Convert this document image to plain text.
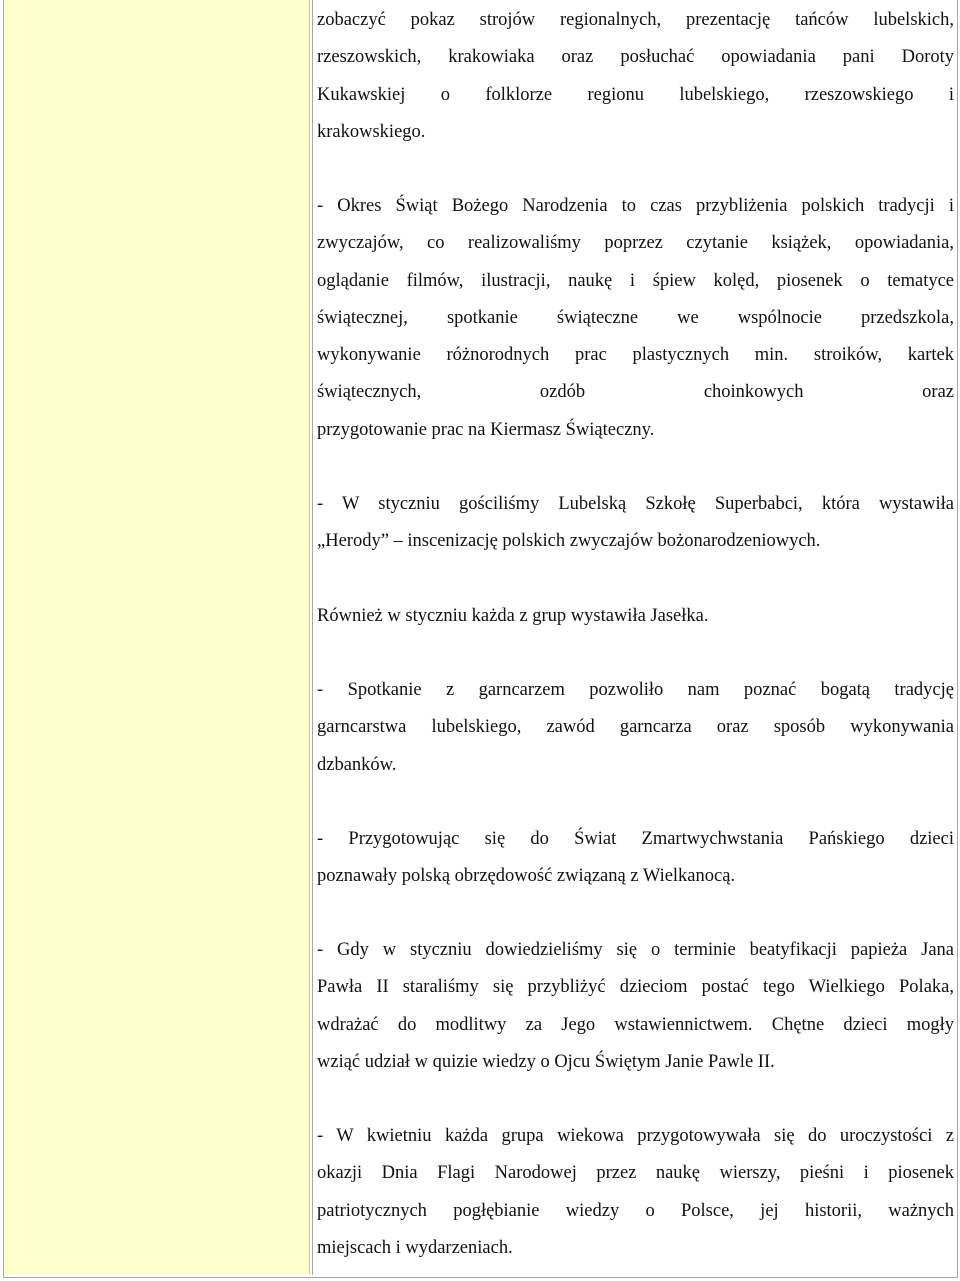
zobaczyć pokaz strojów regionalnych, prezentację tańców lubelskich,
rzeszowskich, krakowiaka oraz posłuchać opowiadania pani Doroty
Kukawskiej o folklorze regionu lubelskiego, rzeszowskiego i
krakowskiego.

- Okres Świąt Bożego Narodzenia to czas przybliżenia polskich tradycji i
zwyczajów, co realizowaliśmy poprzez czytanie książek, opowiadania,
oglądanie filmów, ilustracji, naukę i śpiew kolęd, piosenek o tematyce
świątecznej, spotkanie świąteczne we wspólnocie przedszkola,
wykonywanie różnorodnych prac plastycznych min. stroików, kartek
świątecznych, ozdób choinkowych oraz
przygotowanie prac na Kiermasz Świąteczny.

- W styczniu gościliśmy Lubelską Szkołę Superbabci, która wystawiła
„Herody” – inscenizację polskich zwyczajów bożonarodzeniowych.

Również w styczniu każda z grup wystawiła Jasełka.

- Spotkanie z garncarzem pozwoliło nam poznać bogatą tradycję
garncarstwa lubelskiego, zawód garncarza oraz sposób wykonywania
dzbanków.

- Przygotowując się do Świat Zmartwychwstania Pańskiego dzieci
poznawały polską obrzędowość związaną z Wielkanocą.

- Gdy w styczniu dowiedzieliśmy się o terminie beatyfikacji papieża Jana
Pawła II staraliśmy się przybliżyć dzieciom postać tego Wielkiego Polaka,
wdrażać do modlitwy za Jego wstawiennictwem. Chętne dzieci mogły
wziąć udział w quizie wiedzy o Ojcu Świętym Janie Pawle II.

- W kwietniu każda grupa wiekowa przygotowywała się do uroczystości z
okazji Dnia Flagi Narodowej przez naukę wierszy, pieśni i piosenek
patriotycznych pogłębianie wiedzy o Polsce, jej historii, ważnych
miejscach i wydarzeniach.
